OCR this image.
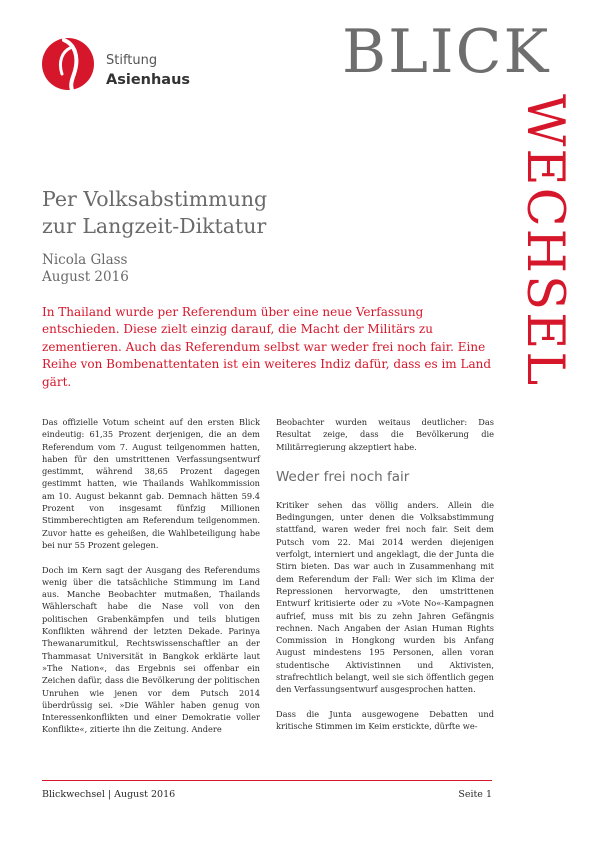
Stiftung
Asienhaus	BLICK
WECHSEL
Per Volksabstimmung
zur Langzeit-Diktatur
Nicola Glass
August 2016
In Thailand wurde per Referendum über eine neue Verfassung entschieden. Diese zielt einzig darauf, die Macht der Militärs zu zementieren. Auch das Referendum selbst war weder frei noch fair. Eine Reihe von Bombenattentaten ist ein weiteres Indiz dafür, dass es im Land gärt.

Das offizielle Votum scheint auf den ersten Blick eindeutig: 61,35 Prozent derjenigen, die an dem Referendum vom 7. August teilgenommen hatten, haben für den umstrittenen Verfassungsentwurf gestimmt, während 38,65 Prozent dagegen gestimmt hatten, wie Thailands Wahlkommission am 10. August bekannt gab. Demnach hätten 59.4 Prozent von insgesamt fünfzig Millionen Stimmberechtigten am Referendum teilgenommen. Zuvor hatte es geheißen, die Wahlbeteiligung habe bei nur 55 Prozent gelegen.

Doch im Kern sagt der Ausgang des Referendums wenig über die tatsächliche Stimmung im Land aus. Manche Beobachter mutmaßen, Thailands Wählerschaft habe die Nase voll von den politischen Grabenkämpfen und teils blutigen Konflikten während der letzten Dekade. Parinya Thewanarumitkul, Rechtswissenschaftler an der Thammasat Universität in Bangkok erklärte laut »The Nation«, das Ergebnis sei offenbar ein Zeichen dafür, dass die Bevölkerung der politischen Unruhen wie jenen vor dem Putsch 2014 überdrüssig sei. »Die Wähler haben genug von Interessenkonflikten und einer Demokratie voller Konflikte«, zitierte ihn die Zeitung. Andere

Beobachter wurden weitaus deutlicher: Das Resultat zeige, dass die Bevölkerung die Militärregierung akzeptiert habe.

Weder frei noch fair

Kritiker sehen das völlig anders. Allein die Bedingungen, unter denen die Volksabstimmung stattfand, waren weder frei noch fair. Seit dem Putsch vom 22. Mai 2014 werden diejenigen verfolgt, interniert und angeklagt, die der Junta die Stirn bieten. Das war auch in Zusammenhang mit dem Referendum der Fall: Wer sich im Klima der Repressionen hervorwagte, den umstrittenen Entwurf kritisierte oder zu »Vote No«-Kampagnen aufrief, muss mit bis zu zehn Jahren Gefängnis rechnen. Nach Angaben der Asian Human Rights Commission in Hongkong wurden bis Anfang August mindestens 195 Personen, allen voran studentische Aktivistinnen und Aktivisten, strafrechtlich belangt, weil sie sich öffentlich gegen den Verfassungsentwurf ausgesprochen hatten.

Dass die Junta ausgewogene Debatten und kritische Stimmen im Keim erstickte, dürfte we-

Blickwechsel | August 2016	Seite 1
